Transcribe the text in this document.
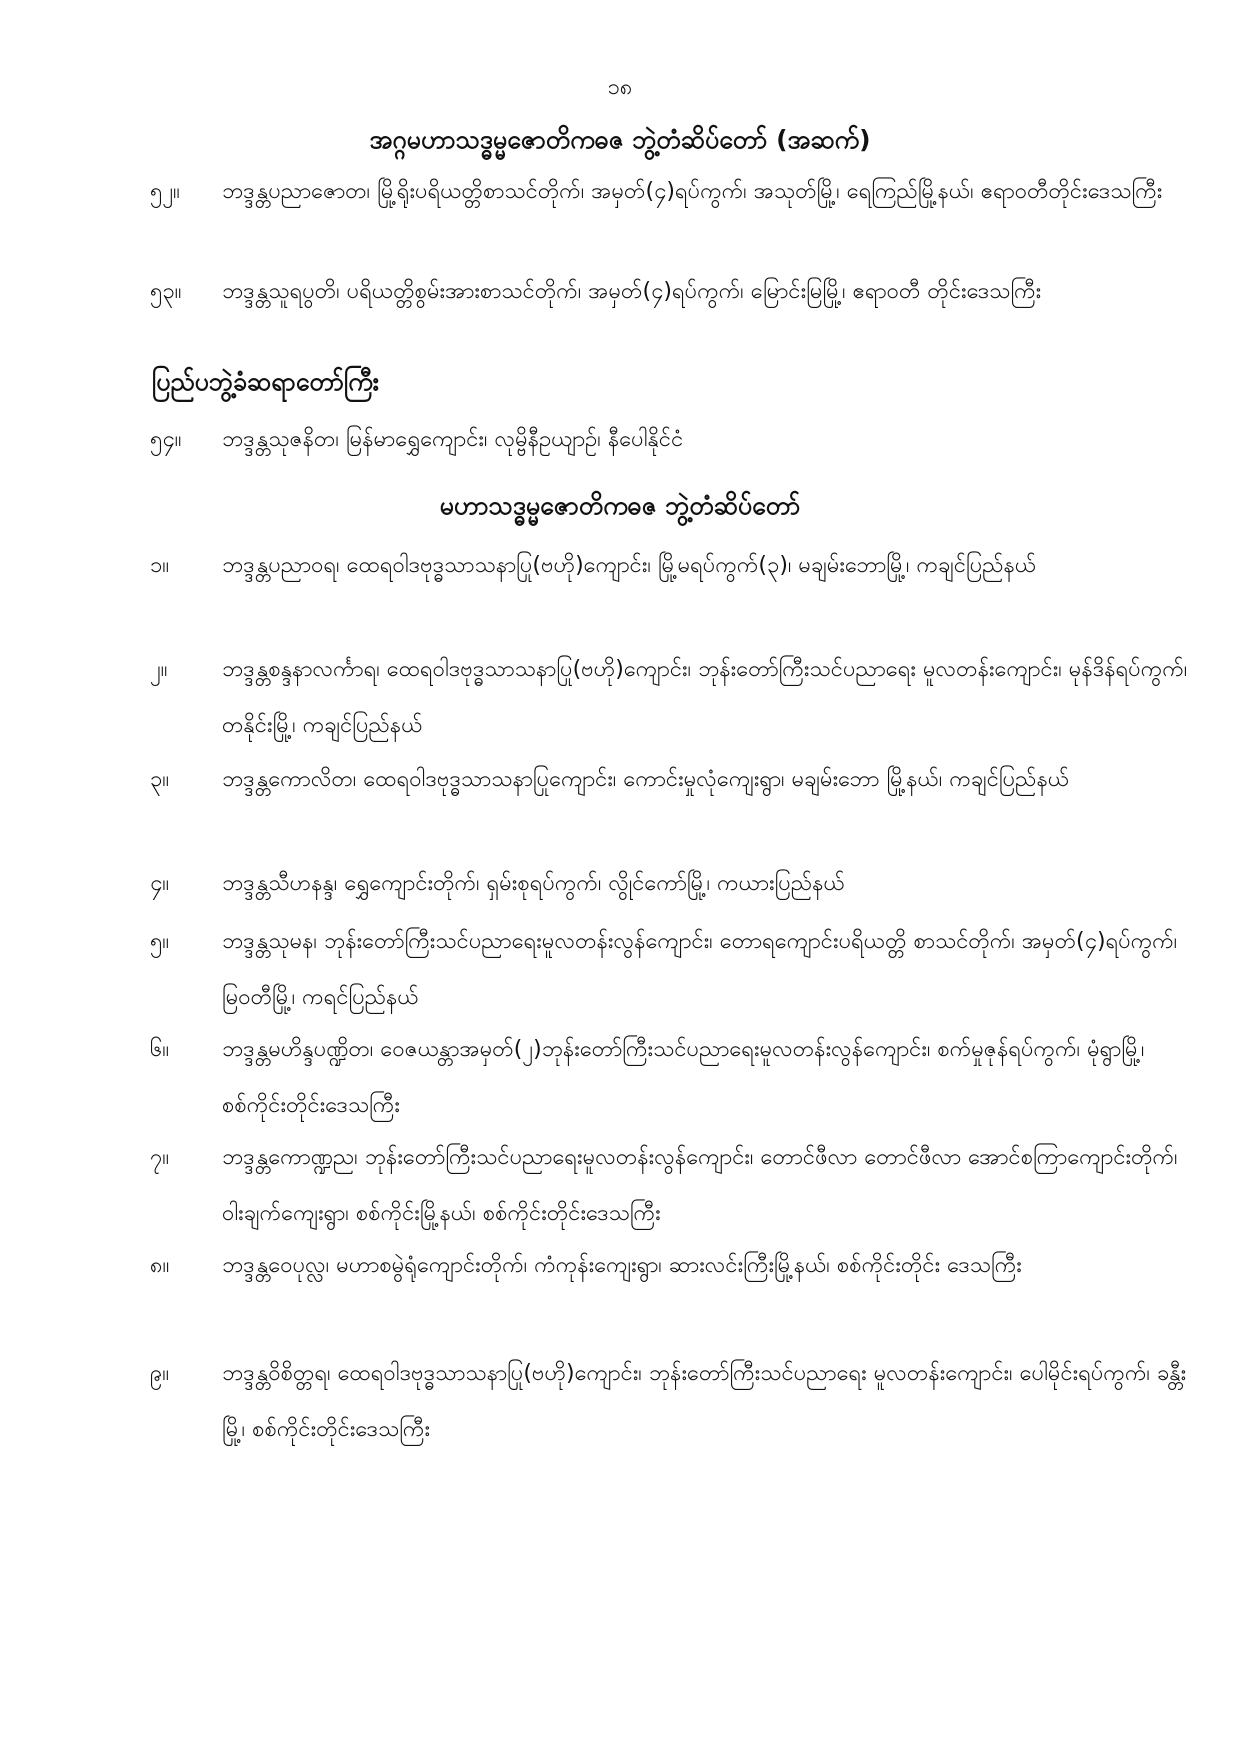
၁၈
အဂ္ဂမဟာသဒ္ဓမ္မဇောတိကဓဇ ဘွဲ့တံဆိပ်တော် (အဆက်)
၅၂။	ဘဒ္ဒန္တပညာဇောတ၊ မြို့ရိုးပရိယတ္တိစာသင်တိုက်၊ အမှတ်(၄)ရပ်ကွက်၊ အသုတ်မြို့၊ ရေကြည်မြို့နယ်၊ ဧရာဝတီတိုင်းဒေသကြီး
၅၃။	ဘဒ္ဒန္တသူရပွတိ၊ ပရိယတ္တိစွမ်းအားစာသင်တိုက်၊ အမှတ်(၄)ရပ်ကွက်၊ မြောင်းမြမြို့၊ ဧရာဝတီ တိုင်းဒေသကြီး
ပြည်ပဘွဲ့ခံဆရာတော်ကြီး
၅၄။	ဘဒ္ဒန္တသုဇနိတ၊ မြန်မာရွှေကျောင်း၊ လုမ္ဗိနီဥယျာဉ်၊ နီပေါနိုင်ငံ
မဟာသဒ္ဓမ္မဇောတိကဓဇ ဘွဲ့တံဆိပ်တော်
၁။	ဘဒ္ဒန္တပညာဝရ၊ ထေရဝါဒဗုဒ္ဓသာသနာပြု(ဗဟို)ကျောင်း၊ မြို့မရပ်ကွက်(၃)၊ မချမ်းဘောမြို့၊ ကချင်ပြည်နယ်
၂။	ဘဒ္ဒန္တစန္ဒနာလင်္ကာရ၊ ထေရဝါဒဗုဒ္ဓသာသနာပြု(ဗဟို)ကျောင်း၊ ဘုန်းတော်ကြီးသင်ပညာရေး မူလတန်းကျောင်း၊ မုန်ဒိန်ရပ်ကွက်၊ တနိုင်းမြို့၊ ကချင်ပြည်နယ်
၃။	ဘဒ္ဒန္တကောလိတ၊ ထေရဝါဒဗုဒ္ဓသာသနာပြုကျောင်း၊ ကောင်းမှုလုံကျေးရွာ၊ မချမ်းဘော မြို့နယ်၊ ကချင်ပြည်နယ်
၄။	ဘဒ္ဒန္တသီဟနန္ဒ၊ ရွှေကျောင်းတိုက်၊ ရှမ်းစုရပ်ကွက်၊ လွိုင်ကော်မြို့၊ ကယားပြည်နယ်
၅။	ဘဒ္ဒန္တသုမန၊ ဘုန်းတော်ကြီးသင်ပညာရေးမူလတန်းလွန်ကျောင်း၊ တောရကျောင်းပရိယတ္တိ စာသင်တိုက်၊ အမှတ်(၄)ရပ်ကွက်၊ မြဝတီမြို့၊ ကရင်ပြည်နယ်
၆။	ဘဒ္ဒန္တမဟိန္ဒပဏ္ဍိတ၊ ဝေဇယန္တာအမှတ်(၂)ဘုန်းတော်ကြီးသင်ပညာရေးမူလတန်းလွန်ကျောင်း၊ စက်မှုဇုန်ရပ်ကွက်၊ မုံရွာမြို့၊ စစ်ကိုင်းတိုင်းဒေသကြီး
၇။	ဘဒ္ဒန္တကောဏ္ဍည၊ ဘုန်းတော်ကြီးသင်ပညာရေးမူလတန်းလွန်ကျောင်း၊ တောင်ဖီလာ တောင်ဖီလာ အောင်စကြာကျောင်းတိုက်၊ ဝါးချက်ကျေးရွာ၊ စစ်ကိုင်းမြို့နယ်၊ စစ်ကိုင်းတိုင်းဒေသကြီး
၈။	ဘဒ္ဒန္တဝေပုလ္လ၊ မဟာစမွဲရုံကျောင်းတိုက်၊ ကံကုန်းကျေးရွာ၊ ဆားလင်းကြီးမြို့နယ်၊ စစ်ကိုင်းတိုင်း ဒေသကြီး
၉။	ဘဒ္ဒန္တဝိစိတ္တရ၊ ထေရဝါဒဗုဒ္ဓသာသနာပြု(ဗဟို)ကျောင်း၊ ဘုန်းတော်ကြီးသင်ပညာရေး မူလတန်းကျောင်း၊ ပေါမိုင်းရပ်ကွက်၊ ခန္တီးမြို့၊ စစ်ကိုင်းတိုင်းဒေသကြီး
